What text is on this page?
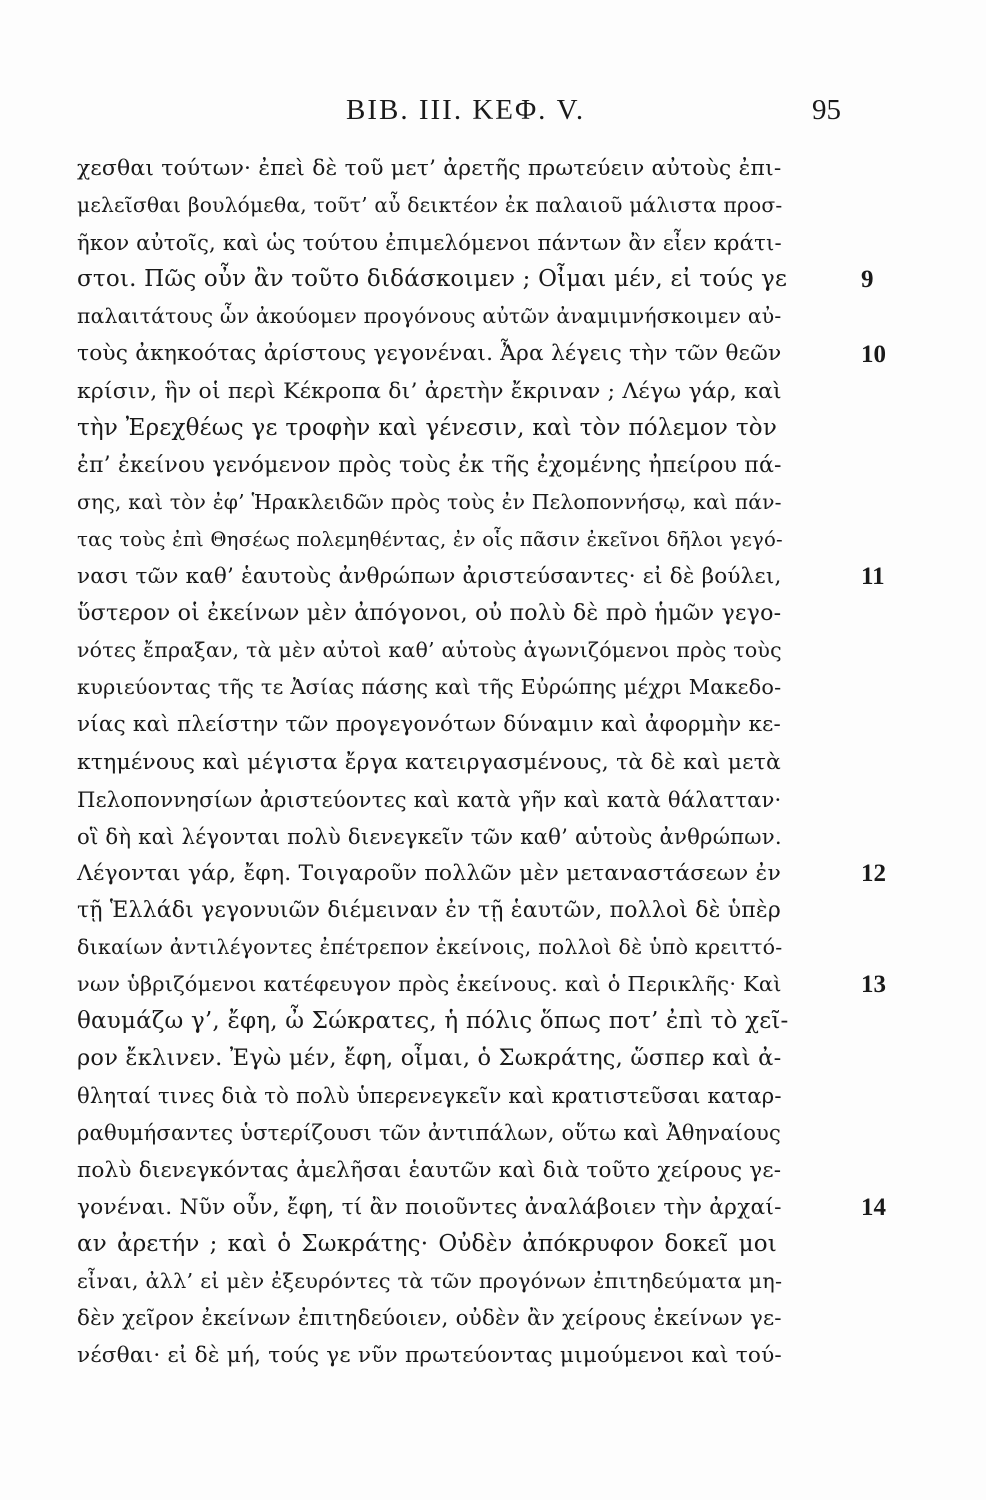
BIB. III. ΚΕΦ. V.	95
χεσθαι τούτων· ἐπεὶ δὲ τοῦ μετ’ ἀρετῆς πρωτεύειν αὐτοὺς ἐπι-
μελεῖσθαι βουλόμεθα, τοῦτ’ αὖ δεικτέον ἐκ παλαιοῦ μάλιστα προσ-
ῆκον αὐτοῖς, καὶ ὡς τούτου ἐπιμελόμενοι πάντων ἂν εἶεν κράτι-
στοι. Πῶς οὖν ἂν τοῦτο διδάσκοιμεν ; Οἶμαι μέν, εἰ τούς γε
παλαιτάτους ὧν ἀκούομεν προγόνους αὐτῶν ἀναμιμνήσκοιμεν αὐ-
τοὺς ἀκηκοότας ἀρίστους γεγονέναι. Ἆρα λέγεις τὴν τῶν θεῶν
κρίσιν, ἣν οἱ περὶ Κέκροπα δι’ ἀρετὴν ἔκριναν ; Λέγω γάρ, καὶ
τὴν Ἐρεχθέως γε τροφὴν καὶ γένεσιν, καὶ τὸν πόλεμον τὸν
ἐπ’ ἐκείνου γενόμενον πρὸς τοὺς ἐκ τῆς ἐχομένης ἠπείρου πά-
σης, καὶ τὸν ἐφ’ Ἡρακλειδῶν πρὸς τοὺς ἐν Πελοποννήσῳ, καὶ πάν-
τας τοὺς ἐπὶ Θησέως πολεμηθέντας, ἐν οἷς πᾶσιν ἐκεῖνοι δῆλοι γεγό-
νασι τῶν καθ’ ἑαυτοὺς ἀνθρώπων ἀριστεύσαντες· εἰ δὲ βούλει,
ὕστερον οἱ ἐκείνων μὲν ἀπόγονοι, οὐ πολὺ δὲ πρὸ ἡμῶν γεγο-
νότες ἔπραξαν, τὰ μὲν αὐτοὶ καθ’ αὑτοὺς ἀγωνιζόμενοι πρὸς τοὺς
κυριεύοντας τῆς τε Ἀσίας πάσης καὶ τῆς Εὐρώπης μέχρι Μακεδο-
νίας καὶ πλείστην τῶν προγεγονότων δύναμιν καὶ ἀφορμὴν κε-
κτημένους καὶ μέγιστα ἔργα κατειργασμένους, τὰ δὲ καὶ μετὰ
Πελοποννησίων ἀριστεύοντες καὶ κατὰ γῆν καὶ κατὰ θάλατταν·
οἳ δὴ καὶ λέγονται πολὺ διενεγκεῖν τῶν καθ’ αὑτοὺς ἀνθρώπων.
Λέγονται γάρ, ἔφη. Τοιγαροῦν πολλῶν μὲν μεταναστάσεων ἐν
τῇ Ἑλλάδι γεγονυιῶν διέμειναν ἐν τῇ ἑαυτῶν, πολλοὶ δὲ ὑπὲρ
δικαίων ἀντιλέγοντες ἐπέτρεπον ἐκείνοις, πολλοὶ δὲ ὑπὸ κρειττό-
νων ὑβριζόμενοι κατέφευγον πρὸς ἐκείνους. καὶ ὁ Περικλῆς· Καὶ
θαυμάζω γ’, ἔφη, ὦ Σώκρατες, ἡ πόλις ὅπως ποτ’ ἐπὶ τὸ χεῖ-
ρον ἔκλινεν. Ἐγὼ μέν, ἔφη, οἶμαι, ὁ Σωκράτης, ὥσπερ καὶ ἀ-
θληταί τινες διὰ τὸ πολὺ ὑπερενεγκεῖν καὶ κρατιστεῦσαι καταρ-
ραθυμήσαντες ὑστερίζουσι τῶν ἀντιπάλων, οὕτω καὶ Ἀθηναίους
πολὺ διενεγκόντας ἀμελῆσαι ἑαυτῶν καὶ διὰ τοῦτο χείρους γε-
γονέναι. Νῦν οὖν, ἔφη, τί ἂν ποιοῦντες ἀναλάβοιεν τὴν ἀρχαί-
αν ἀρετήν ; καὶ ὁ Σωκράτης· Οὐδὲν ἀπόκρυφον δοκεῖ μοι
εἶναι, ἀλλ’ εἰ μὲν ἐξευρόντες τὰ τῶν προγόνων ἐπιτηδεύματα μη-
δὲν χεῖρον ἐκείνων ἐπιτηδεύοιεν, οὐδὲν ἂν χείρους ἐκείνων γε-
νέσθαι· εἰ δὲ μή, τούς γε νῦν πρωτεύοντας μιμούμενοι καὶ τού-
9
10
11
12
13
14
